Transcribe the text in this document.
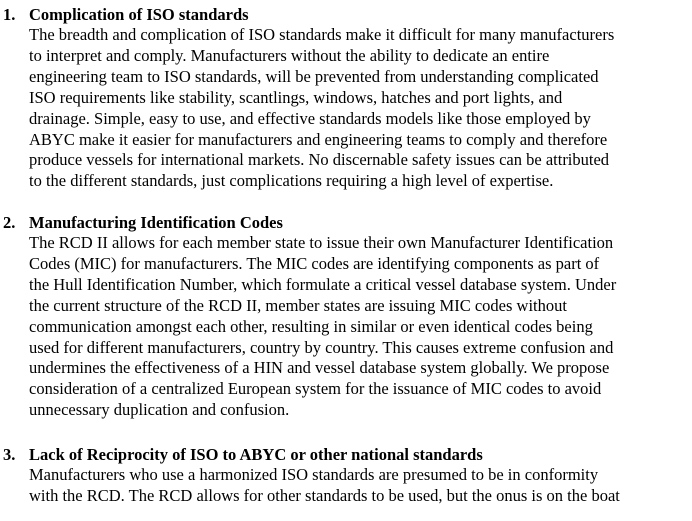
1. Complication of ISO standards
The breadth and complication of ISO standards make it difficult for many manufacturers
to interpret and comply. Manufacturers without the ability to dedicate an entire
engineering team to ISO standards, will be prevented from understanding complicated
ISO requirements like stability, scantlings, windows, hatches and port lights, and
drainage. Simple, easy to use, and effective standards models like those employed by
ABYC make it easier for manufacturers and engineering teams to comply and therefore
produce vessels for international markets. No discernable safety issues can be attributed
to the different standards, just complications requiring a high level of expertise.
2. Manufacturing Identification Codes
The RCD II allows for each member state to issue their own Manufacturer Identification
Codes (MIC) for manufacturers. The MIC codes are identifying components as part of
the Hull Identification Number, which formulate a critical vessel database system. Under
the current structure of the RCD II, member states are issuing MIC codes without
communication amongst each other, resulting in similar or even identical codes being
used for different manufacturers, country by country. This causes extreme confusion and
undermines the effectiveness of a HIN and vessel database system globally. We propose
consideration of a centralized European system for the issuance of MIC codes to avoid
unnecessary duplication and confusion.
3. Lack of Reciprocity of ISO to ABYC or other national standards
Manufacturers who use a harmonized ISO standards are presumed to be in conformity
with the RCD. The RCD allows for other standards to be used, but the onus is on the boat
